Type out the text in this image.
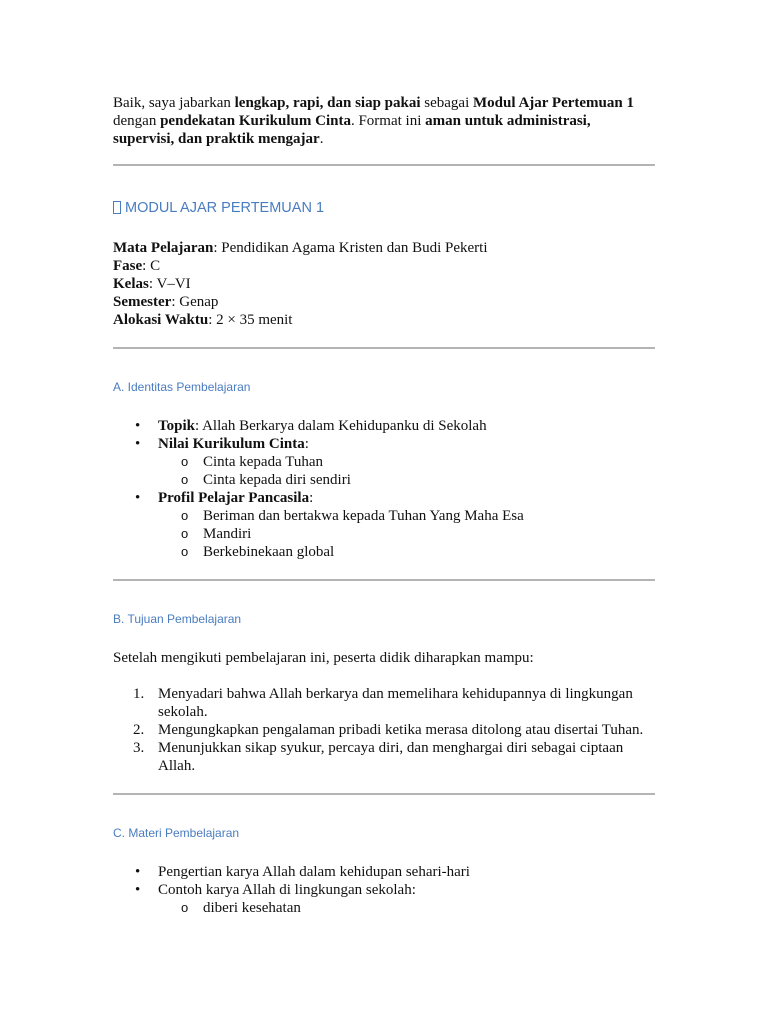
Baik, saya jabarkan lengkap, rapi, dan siap pakai sebagai Modul Ajar Pertemuan 1
dengan pendekatan Kurikulum Cinta. Format ini aman untuk administrasi, supervisi, dan praktik mengajar.

MODUL AJAR PERTEMUAN 1

Mata Pelajaran: Pendidikan Agama Kristen dan Budi Pekerti

Fase: C

Kelas: V–VI

Semester: Genap

Alokasi Waktu: 2 × 35 menit

A. Identitas Pembelajaran
• Topik: Allah Berkarya dalam Kehidupanku di Sekolah
• Nilai Kurikulum Cinta:
o Cinta kepada Tuhan
o Cinta kepada diri sendiri
• Profil Pelajar Pancasila:
o Beriman dan bertakwa kepada Tuhan Yang Maha Esa
o Mandiri
o Berkebinekaan global
B. Tujuan Pembelajaran

Setelah mengikuti pembelajaran ini, peserta didik diharapkan mampu:

1. Menyadari bahwa Allah berkarya dan memelihara kehidupannya di lingkungan sekolah.
2. Mengungkapkan pengalaman pribadi ketika merasa ditolong atau disertai Tuhan.
3. Menunjukkan sikap syukur, percaya diri, dan menghargai diri sebagai ciptaan Allah.
C. Materi Pembelajaran
• Pengertian karya Allah dalam kehidupan sehari-hari
• Contoh karya Allah di lingkungan sekolah:
o diberi kesehatan
